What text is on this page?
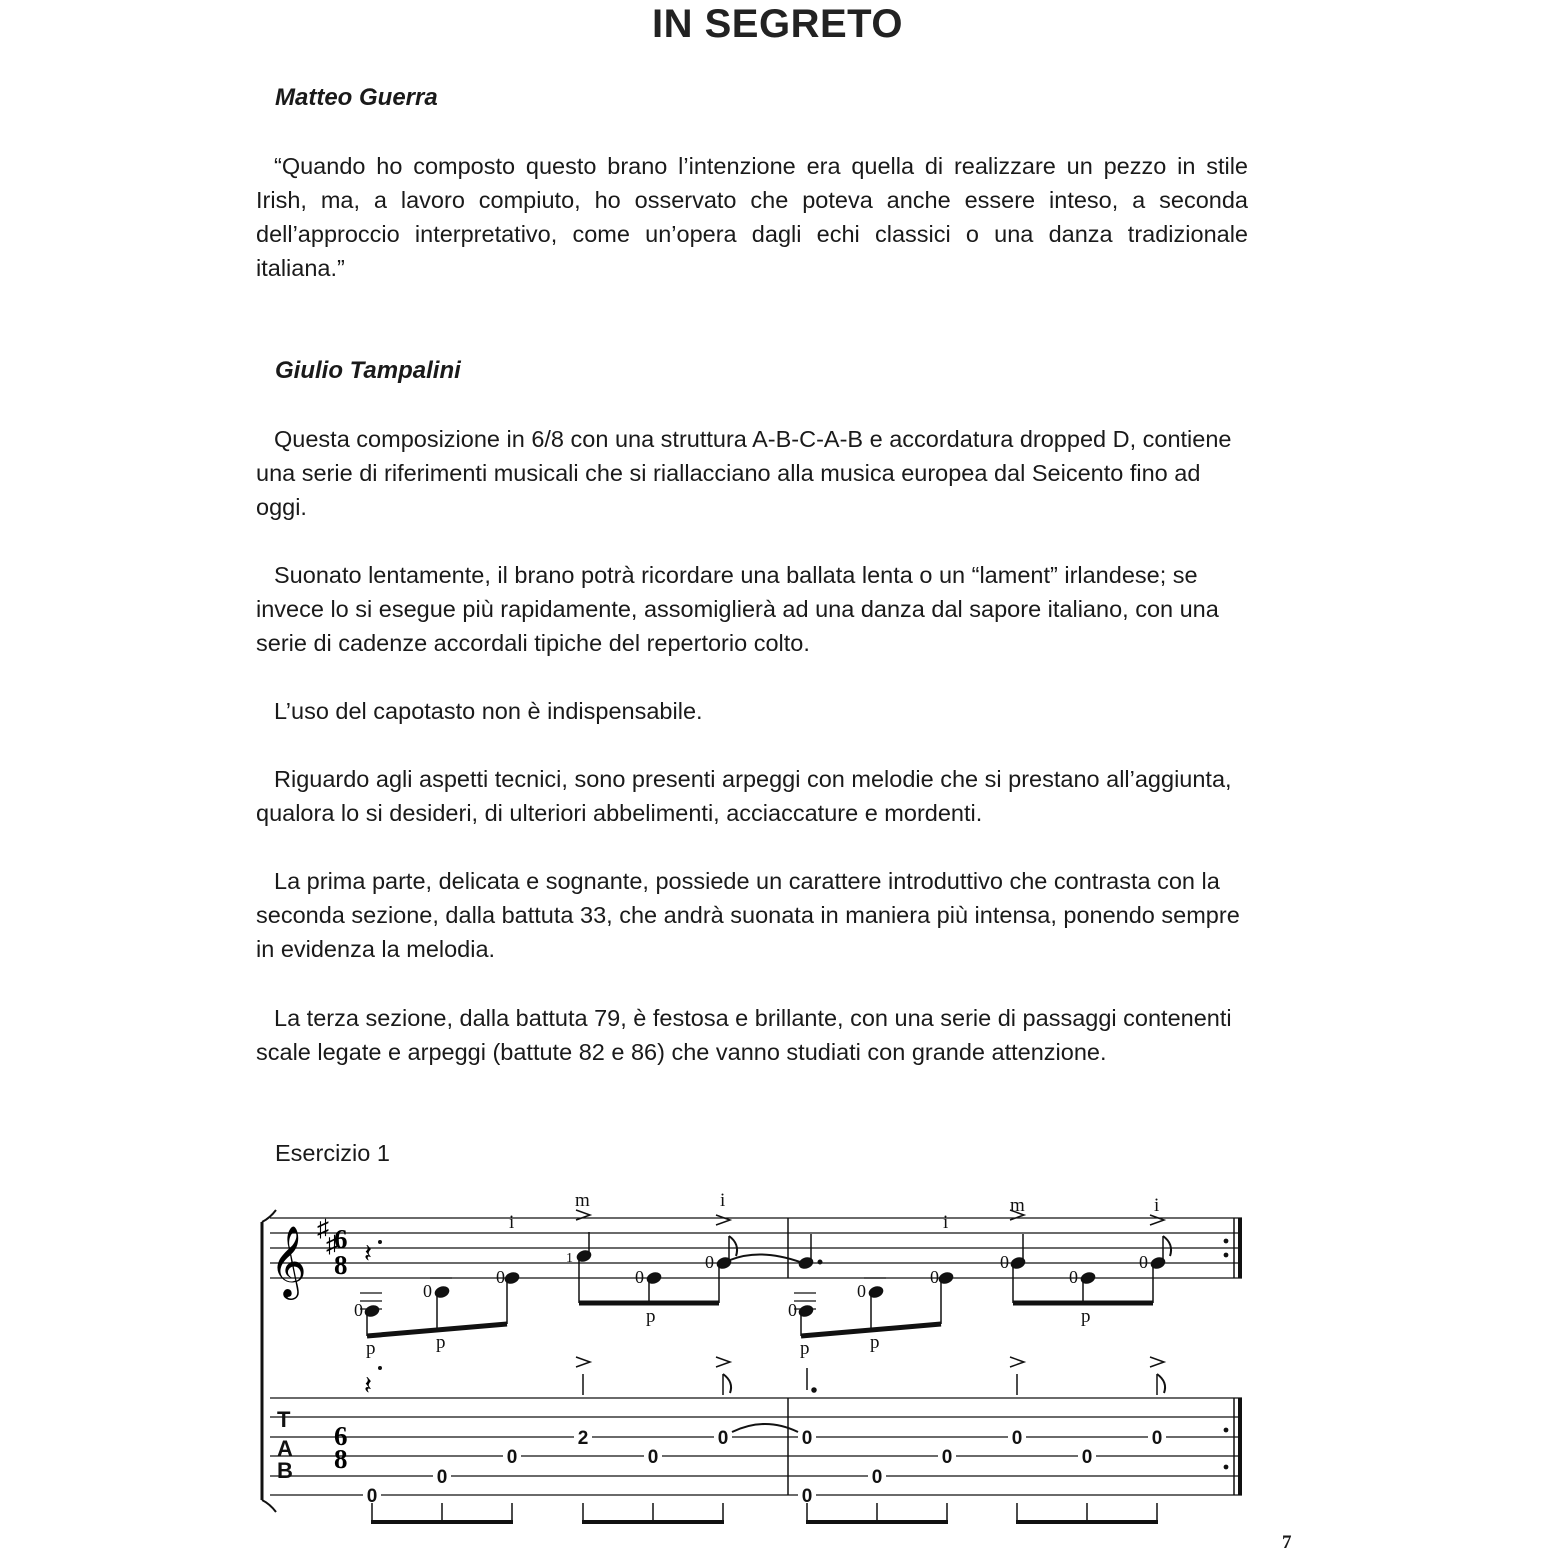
IN SEGRETO
Matteo Guerra

“Quando ho composto questo brano l’intenzione era quella di realizzare un pezzo in stile Irish, ma, a lavoro compiuto, ho osservato che poteva anche essere inteso, a seconda dell’approccio interpretativo, come un’opera dagli echi classici o una danza tradizionale italiana.”

Giulio Tampalini

Questa composizione in 6/8 con una struttura A-B-C-A-B e accordatura dropped D, contiene una serie di riferimenti musicali che si riallacciano alla musica europea dal Seicento fino ad oggi.

Suonato lentamente, il brano potrà ricordare una ballata lenta o un “lament” irlandese; se invece lo si esegue più rapidamente, assomiglierà ad una danza dal sapore italiano, con una serie di cadenze accordali tipiche del repertorio colto.

L’uso del capotasto non è indispensabile.

Riguardo agli aspetti tecnici, sono presenti arpeggi con melodie che si prestano all’aggiunta, qualora lo si desideri, di ulteriori abbelimenti, acciaccature e mordenti.

La prima parte, delicata e sognante, possiede un carattere introduttivo che contrasta con la seconda sezione, dalla battuta 33, che andrà suonata in maniera più intensa, ponendo sempre in evidenza la melodia.

La terza sezione, dalla battuta 79, è festosa e brillante, con una serie di passaggi contenenti scale legate e arpeggi (battute 82 e 86) che vanno studiati con grande attenzione.

Esercizio 1
𝄞 ♯
♯
6
8 𝄽
𝄽
0
0
0
1
0
0
0
0
0
0
0
0
p	p
p
p	p
p
i
i
i
i
m	m
T
A
B
6
8
0
0
0
2
0
0	0
0
0
0
0
0
0
7
